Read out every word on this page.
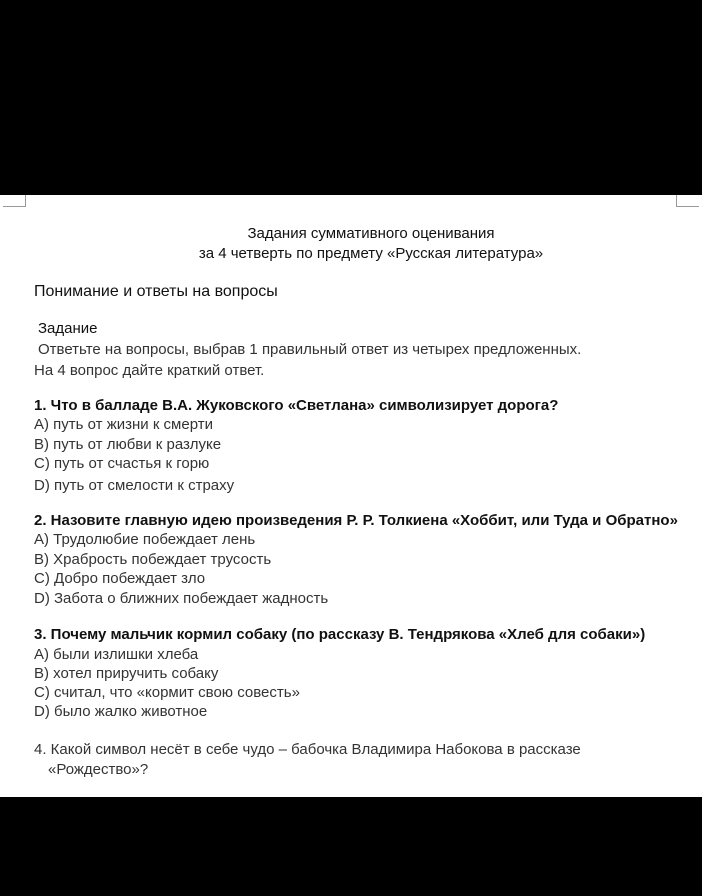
Задания суммативного оценивания
за 4 четверть по предмету «Русская литература»
Понимание и ответы на вопросы
Задание
Ответьте на вопросы, выбрав 1 правильный ответ из четырех предложенных.
На 4 вопрос дайте краткий ответ.
1. Что в балладе В.А. Жуковского «Светлана» символизирует дорога?
A) путь от жизни к смерти
B) путь от любви к разлуке
C) путь от счастья к горю
D) путь от смелости к страху
2. Назовите главную идею произведения Р. Р. Толкиена «Хоббит, или Туда и Обратно»
A) Трудолюбие побеждает лень
B) Храбрость побеждает трусость
C) Добро побеждает зло
D) Забота о ближних побеждает жадность
3. Почему мальчик кормил собаку (по рассказу В. Тендрякова «Хлеб для собаки»)
A) были излишки хлеба
B) хотел приручить собаку
C) считал, что «кормит свою совесть»
D) было жалко животное
4. Какой символ несёт в себе чудо – бабочка Владимира Набокова в рассказе
«Рождество»?
